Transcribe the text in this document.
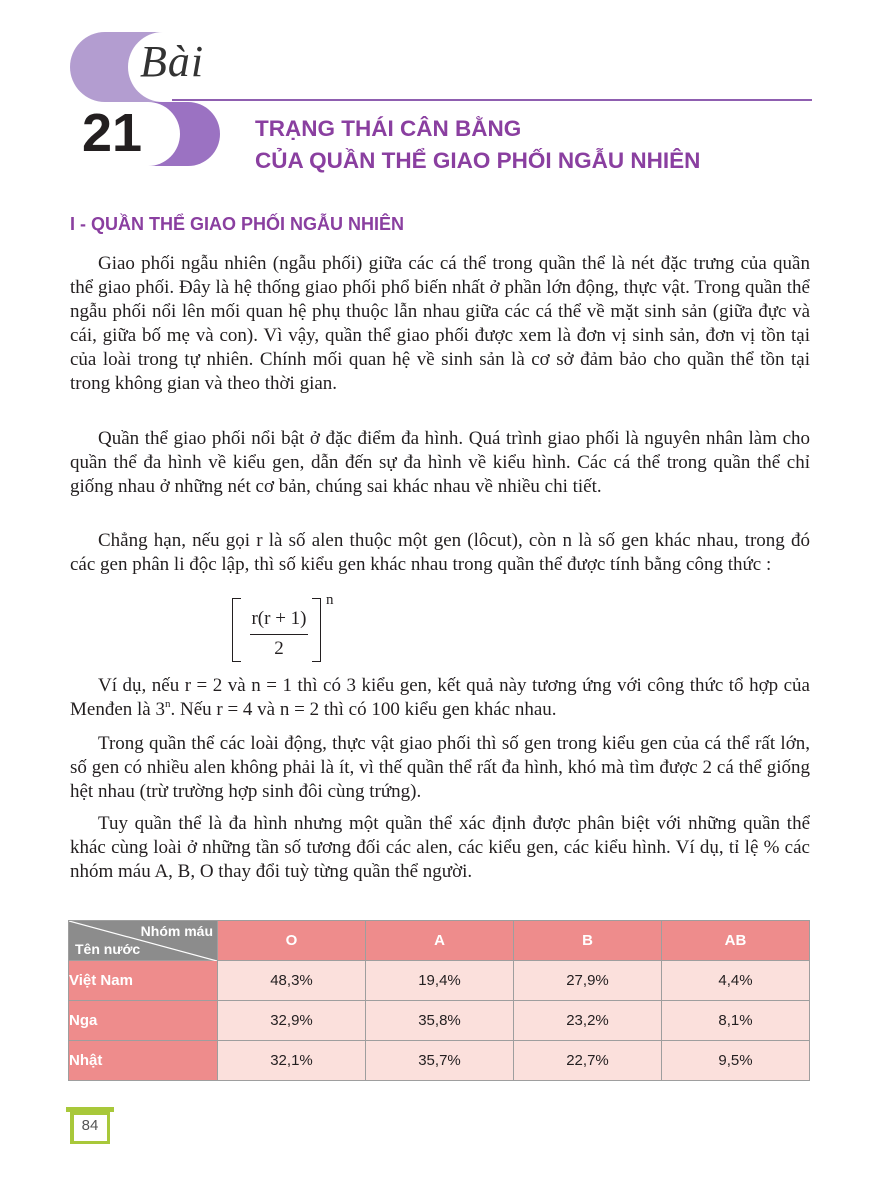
Bài
21	TRẠNG THÁI CÂN BẰNG
CỦA QUẦN THỂ GIAO PHỐI NGẪU NHIÊN
I - QUẦN THỂ GIAO PHỐI NGẪU NHIÊN

Giao phối ngẫu nhiên (ngẫu phối) giữa các cá thể trong quần thể là nét đặc trưng của quần thể giao phối. Đây là hệ thống giao phối phổ biến nhất ở phần lớn động, thực vật. Trong quần thể ngẫu phối nổi lên mối quan hệ phụ thuộc lẫn nhau giữa các cá thể về mặt sinh sản (giữa đực và cái, giữa bố mẹ và con). Vì vậy, quần thể giao phối được xem là đơn vị sinh sản, đơn vị tồn tại của loài trong tự nhiên. Chính mối quan hệ về sinh sản là cơ sở đảm bảo cho quần thể tồn tại trong không gian và theo thời gian.

Quần thể giao phối nổi bật ở đặc điểm đa hình. Quá trình giao phối là nguyên nhân làm cho quần thể đa hình về kiểu gen, dẫn đến sự đa hình về kiểu hình. Các cá thể trong quần thể chỉ giống nhau ở những nét cơ bản, chúng sai khác nhau về nhiều chi tiết.

Chẳng hạn, nếu gọi r là số alen thuộc một gen (lôcut), còn n là số gen khác nhau, trong đó các gen phân li độc lập, thì số kiểu gen khác nhau trong quần thể được tính bằng công thức :

r(r + 1)
2
n

Ví dụ, nếu r = 2 và n = 1 thì có 3 kiểu gen, kết quả này tương ứng với công thức tổ hợp của Menđen là 3$^n$. Nếu r = 4 và n = 2 thì có 100 kiểu gen khác nhau.

Trong quần thể các loài động, thực vật giao phối thì số gen trong kiểu gen của cá thể rất lớn, số gen có nhiều alen không phải là ít, vì thế quần thể rất đa hình, khó mà tìm được 2 cá thể giống hệt nhau (trừ trường hợp sinh đôi cùng trứng).

Tuy quần thể là đa hình nhưng một quần thể xác định được phân biệt với những quần thể khác cùng loài ở những tần số tương đối các alen, các kiểu gen, các kiểu hình. Ví dụ, tỉ lệ % các nhóm máu A, B, O thay đổi tuỳ từng quần thể người.

Nhóm máu
Tên nước	O	A	B	AB
Việt Nam	48,3%	19,4%	27,9%	4,4%
Nga	32,9%	35,8%	23,2%	8,1%
Nhật	32,1%	35,7%	22,7%	9,5%
84
